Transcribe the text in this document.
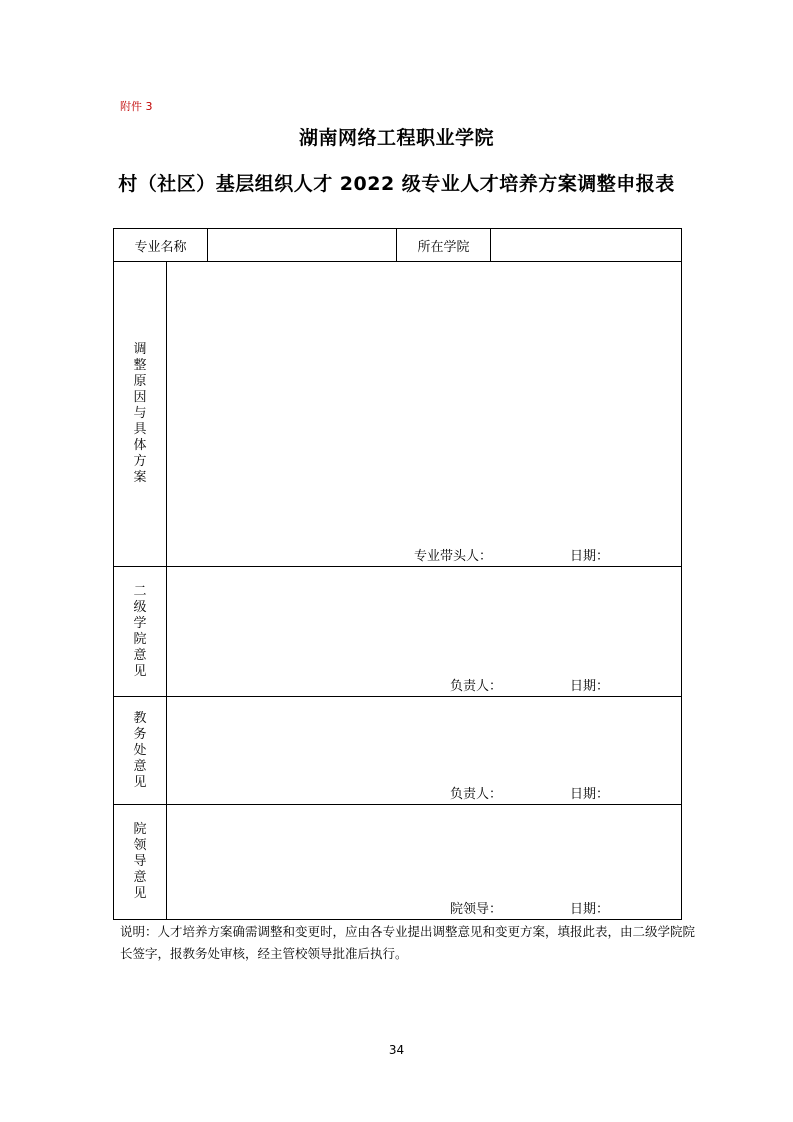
附件 3
湖南网络工程职业学院
村（社区）基层组织人才 2022 级专业人才培养方案调整申报表
专业名称			所在学院	
调整原因与具体方案	专业带头人： 日期：			

二级学院意见	负责人： 日期：			

教务处意见	负责人： 日期：			

院领导意见	院领导： 日期：			
说明：人才培养方案确需调整和变更时，应由各专业提出调整意见和变更方案，填报此表，由二级学院院长签字，报教务处审核，经主管校领导批准后执行。
34
